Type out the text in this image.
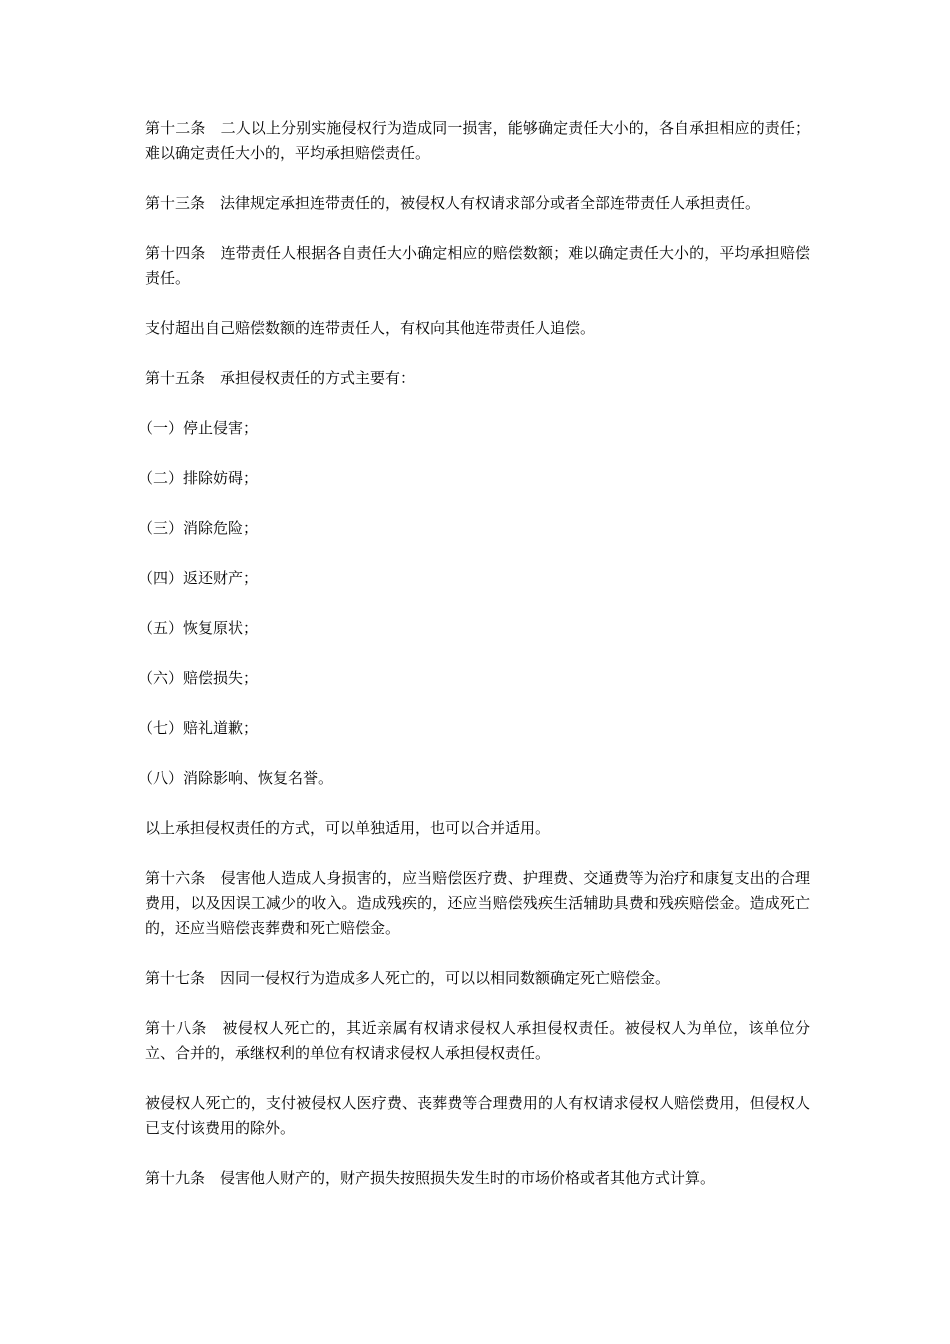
第十二条　二人以上分别实施侵权行为造成同一损害，能够确定责任大小的，各自承担相应的责任；难以确定责任大小的，平均承担赔偿责任。

第十三条　法律规定承担连带责任的，被侵权人有权请求部分或者全部连带责任人承担责任。

第十四条　连带责任人根据各自责任大小确定相应的赔偿数额；难以确定责任大小的，平均承担赔偿责任。

支付超出自己赔偿数额的连带责任人，有权向其他连带责任人追偿。

第十五条　承担侵权责任的方式主要有：

（一）停止侵害；

（二）排除妨碍；

（三）消除危险；

（四）返还财产；

（五）恢复原状；

（六）赔偿损失；

（七）赔礼道歉；

（八）消除影响、恢复名誉。

以上承担侵权责任的方式，可以单独适用，也可以合并适用。

第十六条　侵害他人造成人身损害的，应当赔偿医疗费、护理费、交通费等为治疗和康复支出的合理费用，以及因误工减少的收入。造成残疾的，还应当赔偿残疾生活辅助具费和残疾赔偿金。造成死亡的，还应当赔偿丧葬费和死亡赔偿金。

第十七条　因同一侵权行为造成多人死亡的，可以以相同数额确定死亡赔偿金。

第十八条　被侵权人死亡的，其近亲属有权请求侵权人承担侵权责任。被侵权人为单位，该单位分立、合并的，承继权利的单位有权请求侵权人承担侵权责任。

被侵权人死亡的，支付被侵权人医疗费、丧葬费等合理费用的人有权请求侵权人赔偿费用，但侵权人已支付该费用的除外。

第十九条　侵害他人财产的，财产损失按照损失发生时的市场价格或者其他方式计算。
